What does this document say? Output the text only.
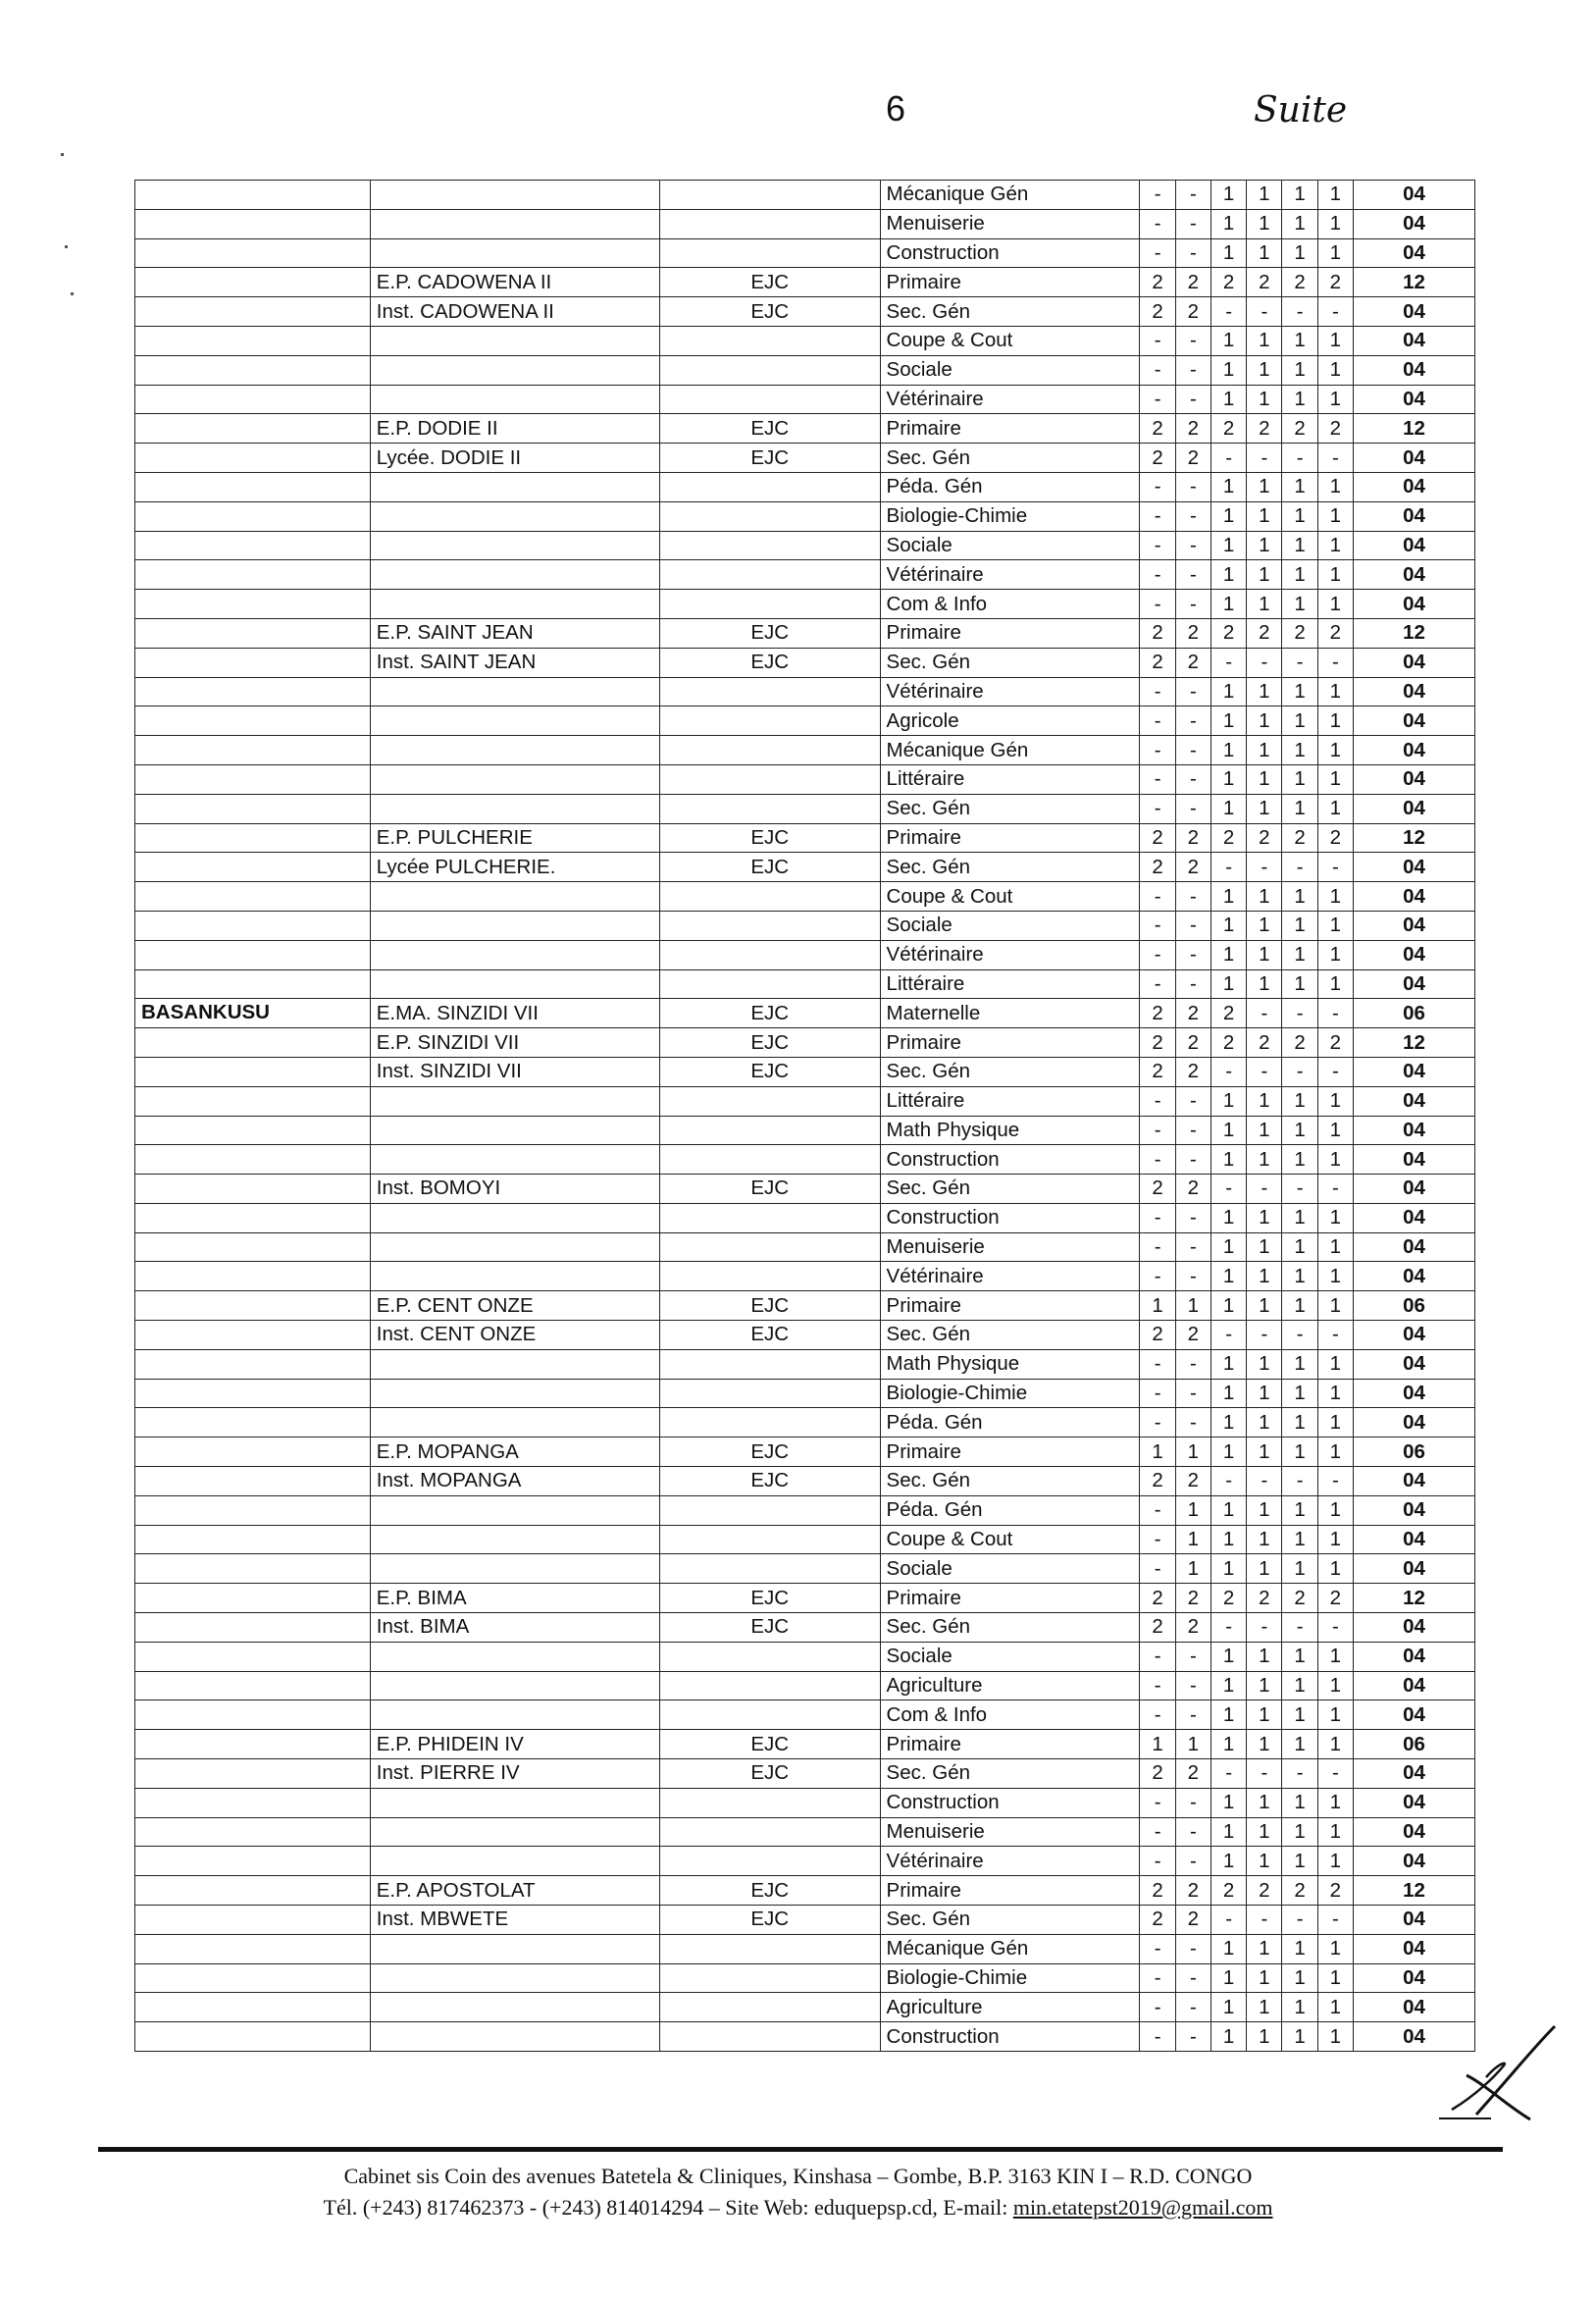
6	Suite
			Mécanique Gén	-	-	1	1	1	1	04
			Menuiserie	-	-	1	1	1	1	04
			Construction	-	-	1	1	1	1	04
	E.P. CADOWENA II	EJC	Primaire	2	2	2	2	2	2	12
	Inst. CADOWENA II	EJC	Sec. Gén	2	2	-	-	-	-	04
			Coupe & Cout	-	-	1	1	1	1	04
			Sociale	-	-	1	1	1	1	04
			Vétérinaire	-	-	1	1	1	1	04
	E.P. DODIE II	EJC	Primaire	2	2	2	2	2	2	12
	Lycée. DODIE II	EJC	Sec. Gén	2	2	-	-	-	-	04
			Péda. Gén	-	-	1	1	1	1	04
			Biologie-Chimie	-	-	1	1	1	1	04
			Sociale	-	-	1	1	1	1	04
			Vétérinaire	-	-	1	1	1	1	04
			Com & Info	-	-	1	1	1	1	04
	E.P. SAINT JEAN	EJC	Primaire	2	2	2	2	2	2	12
	Inst. SAINT JEAN	EJC	Sec. Gén	2	2	-	-	-	-	04
			Vétérinaire	-	-	1	1	1	1	04
			Agricole	-	-	1	1	1	1	04
			Mécanique Gén	-	-	1	1	1	1	04
			Littéraire	-	-	1	1	1	1	04
			Sec. Gén	-	-	1	1	1	1	04
	E.P. PULCHERIE	EJC	Primaire	2	2	2	2	2	2	12
	Lycée PULCHERIE.	EJC	Sec. Gén	2	2	-	-	-	-	04
			Coupe & Cout	-	-	1	1	1	1	04
			Sociale	-	-	1	1	1	1	04
			Vétérinaire	-	-	1	1	1	1	04
			Littéraire	-	-	1	1	1	1	04
BASANKUSU	E.MA. SINZIDI VII	EJC	Maternelle	2	2	2	-	-	-	06
	E.P. SINZIDI VII	EJC	Primaire	2	2	2	2	2	2	12
	Inst. SINZIDI VII	EJC	Sec. Gén	2	2	-	-	-	-	04
			Littéraire	-	-	1	1	1	1	04
			Math Physique	-	-	1	1	1	1	04
			Construction	-	-	1	1	1	1	04
	Inst. BOMOYI	EJC	Sec. Gén	2	2	-	-	-	-	04
			Construction	-	-	1	1	1	1	04
			Menuiserie	-	-	1	1	1	1	04
			Vétérinaire	-	-	1	1	1	1	04
	E.P. CENT ONZE	EJC	Primaire	1	1	1	1	1	1	06
	Inst. CENT ONZE	EJC	Sec. Gén	2	2	-	-	-	-	04
			Math Physique	-	-	1	1	1	1	04
			Biologie-Chimie	-	-	1	1	1	1	04
			Péda. Gén	-	-	1	1	1	1	04
	E.P. MOPANGA	EJC	Primaire	1	1	1	1	1	1	06
	Inst. MOPANGA	EJC	Sec. Gén	2	2	-	-	-	-	04
			Péda. Gén	-	1	1	1	1	1	04
			Coupe & Cout	-	1	1	1	1	1	04
			Sociale	-	1	1	1	1	1	04
	E.P. BIMA	EJC	Primaire	2	2	2	2	2	2	12
	Inst. BIMA	EJC	Sec. Gén	2	2	-	-	-	-	04
			Sociale	-	-	1	1	1	1	04
			Agriculture	-	-	1	1	1	1	04
			Com & Info	-	-	1	1	1	1	04
	E.P. PHIDEIN IV	EJC	Primaire	1	1	1	1	1	1	06
	Inst. PIERRE IV	EJC	Sec. Gén	2	2	-	-	-	-	04
			Construction	-	-	1	1	1	1	04
			Menuiserie	-	-	1	1	1	1	04
			Vétérinaire	-	-	1	1	1	1	04
	E.P. APOSTOLAT	EJC	Primaire	2	2	2	2	2	2	12
	Inst. MBWETE	EJC	Sec. Gén	2	2	-	-	-	-	04
			Mécanique Gén	-	-	1	1	1	1	04
			Biologie-Chimie	-	-	1	1	1	1	04
			Agriculture	-	-	1	1	1	1	04
			Construction	-	-	1	1	1	1	04
Cabinet sis Coin des avenues Batetela & Cliniques, Kinshasa – Gombe, B.P. 3163 KIN I – R.D. CONGO
Tél. (+243) 817462373 - (+243) 814014294 – Site Web: eduquepsp.cd, E-mail: min.etatepst2019@gmail.com
